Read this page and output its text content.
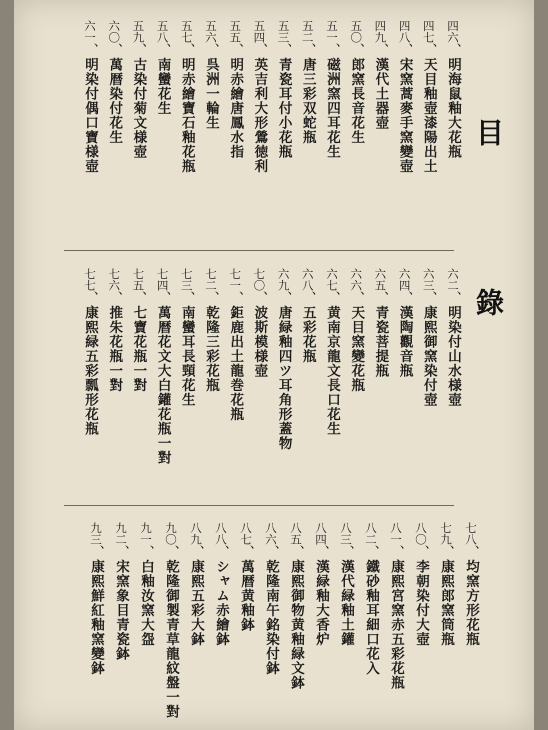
目
錄
四六、明海鼠釉大花瓶
四七、天目釉壺漆陽出土
四八、宋窯蒿麥手窯變壺
四九、漢代土器壺
五〇、郎窯長音花生
五一、磁洲窯四耳花生
五二、唐三彩双蛇瓶
五三、青瓷耳付小花瓶
五四、英吉利大形鶯徳利
五五、明赤繪唐鳳水指
五六、呉洲一輪生
五七、明赤繪寶石釉花瓶
五八、南蠻花生
五九、古染付菊文様壺
六〇、萬暦染付花生
六一、明染付偶口寶様壺
六二、明染付山水様壺
六三、康熙御窯染付壺
六四、漢陶觀音瓶
六五、青瓷菩提瓶
六六、天目窯變花瓶
六七、黄南京龍文長口花生
六八、五彩花瓶
六九、唐緑釉四ツ耳角形蓋物
七〇、波斯模様壺
七一、鉅鹿出土龍巻花瓶
七二、乾隆三彩花瓶
七三、南蠻耳長頸花生
七四、萬暦花文大白鑵花瓶一對
七五、七寶花瓶一對
七六、推朱花瓶一對
七七、康熙緑五彩瓢形花瓶
七八、均窯方形花瓶
七九、康熙郎窯筒瓶
八〇、李朝染付大壺
八一、康熙宮窯赤五彩花瓶
八二、鐵砂釉耳細口花入
八三、漢代緑釉土鑵
八四、漢緑釉大香炉
八五、康熙御物黄釉緑文鉢
八六、乾隆南午銘染付鉢
八七、萬暦黄釉鉢
八八、シャム赤繪鉢
八九、康熙五彩大鉢
九〇、乾隆御製青草龍紋盤一對
九一、白釉汝窯大盌
九二、宋窯象目青瓷鉢
九三、康熙鮮紅釉窯變鉢
